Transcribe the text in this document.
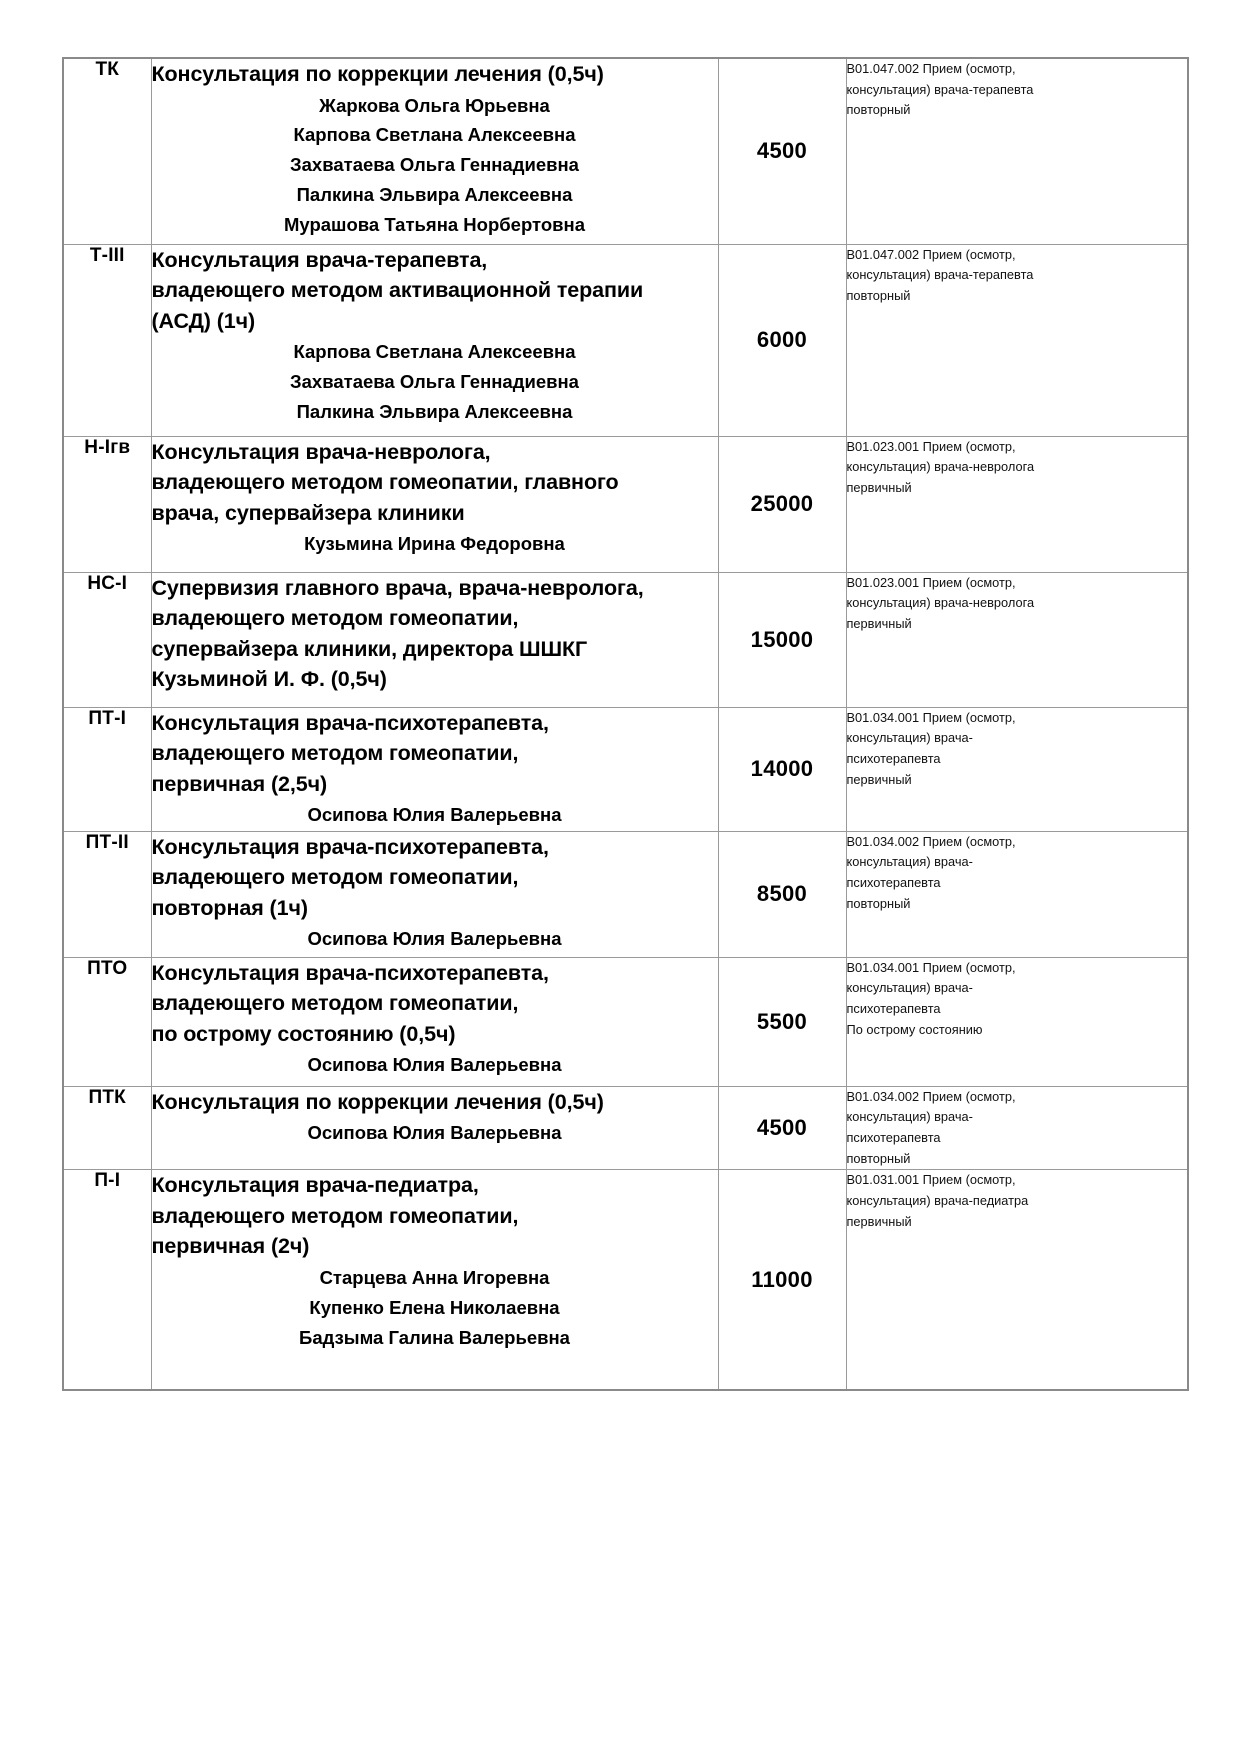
ТК	Консультация по коррекции лечения (0,5ч)
Жаркова Ольга Юрьевна
Карпова Светлана Алексеевна
Захватаева Ольга Геннадиевна
Палкина Эльвира Алексеевна
Мурашова Татьяна Норбертовна
	4500	
В01.047.002 Прием (осмотр,
консультация) врача-терапевта
повторный

Т-III	Консультация врача-терапевта,
владеющего методом активационной терапии
(АСД) (1ч)
Карпова Светлана Алексеевна
Захватаева Ольга Геннадиевна
Палкина Эльвира Алексеевна
	6000	
В01.047.002 Прием (осмотр,
консультация) врача-терапевта
повторный

Н-Iгв	Консультация врача-невролога,
владеющего методом гомеопатии, главного
врача, супервайзера клиники
Кузьмина Ирина Федоровна
	25000	
В01.023.001 Прием (осмотр,
консультация) врача-невролога
первичный

НС-I	Супервизия главного врача, врача-невролога,
владеющего методом гомеопатии,
супервайзера клиники, директора ШШКГ
Кузьминой И. Ф. (0,5ч)	15000	В01.023.001 Прием (осмотр,
консультация) врача-невролога
первичный

ПТ-I	Консультация врача-психотерапевта,
владеющего методом гомеопатии,
первичная (2,5ч)
Осипова Юлия Валерьевна
	14000	
В01.034.001 Прием (осмотр,
консультация) врача-
психотерапевта
первичный

ПТ-II	Консультация врача-психотерапевта,
владеющего методом гомеопатии,
повторная (1ч)
Осипова Юлия Валерьевна
	8500	
В01.034.002 Прием (осмотр,
консультация) врача-
психотерапевта
повторный

ПТО	Консультация врача-психотерапевта,
владеющего методом гомеопатии,
по острому состоянию (0,5ч)
Осипова Юлия Валерьевна
	5500	
В01.034.001 Прием (осмотр,
консультация) врача-
психотерапевта
По острому состоянию

ПТК	Консультация по коррекции лечения (0,5ч)
Осипова Юлия Валерьевна	4500	
В01.034.002 Прием (осмотр,
консультация) врача-
психотерапевта
повторный

П-I	Консультация врача-педиатра,
владеющего методом гомеопатии,
первичная (2ч)
Старцева Анна Игоревна
Купенко Елена Николаевна
Бадзыма Галина Валерьевна
	11000	
В01.031.001 Прием (осмотр,
консультация) врача-педиатра
первичный
